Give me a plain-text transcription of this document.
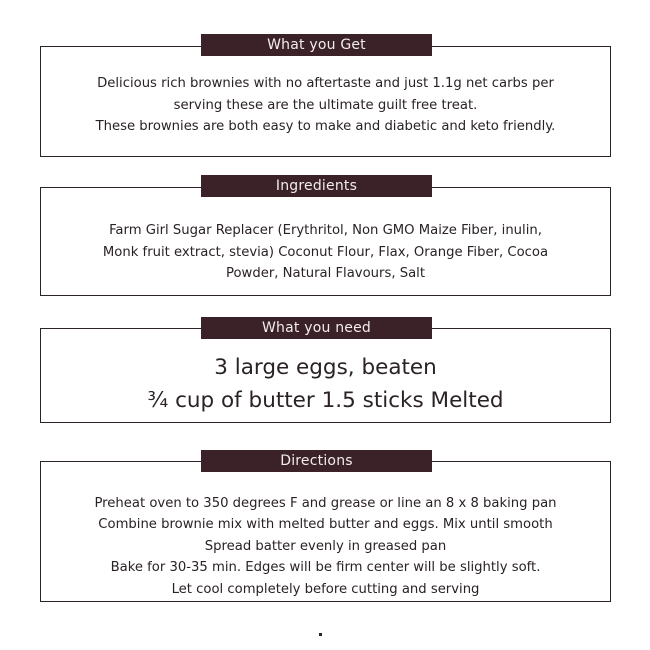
Delicious rich brownies with no aftertaste and just 1.1g net carbs per
serving these are the ultimate guilt free treat.
These brownies are both easy to make and diabetic and keto friendly.
What you Get
Farm Girl Sugar Replacer (Erythritol, Non GMO Maize Fiber, inulin,
Monk fruit extract, stevia) Coconut Flour, Flax, Orange Fiber, Cocoa
Powder, Natural Flavours, Salt
Ingredients
3 large eggs, beaten
¾ cup of butter 1.5 sticks Melted
What you need
Preheat oven to 350 degrees F and grease or line an 8 x 8 baking pan
Combine brownie mix with melted butter and eggs. Mix until smooth
Spread batter evenly in greased pan
Bake for 30-35 min. Edges will be firm center will be slightly soft.
Let cool completely before cutting and serving
Directions
